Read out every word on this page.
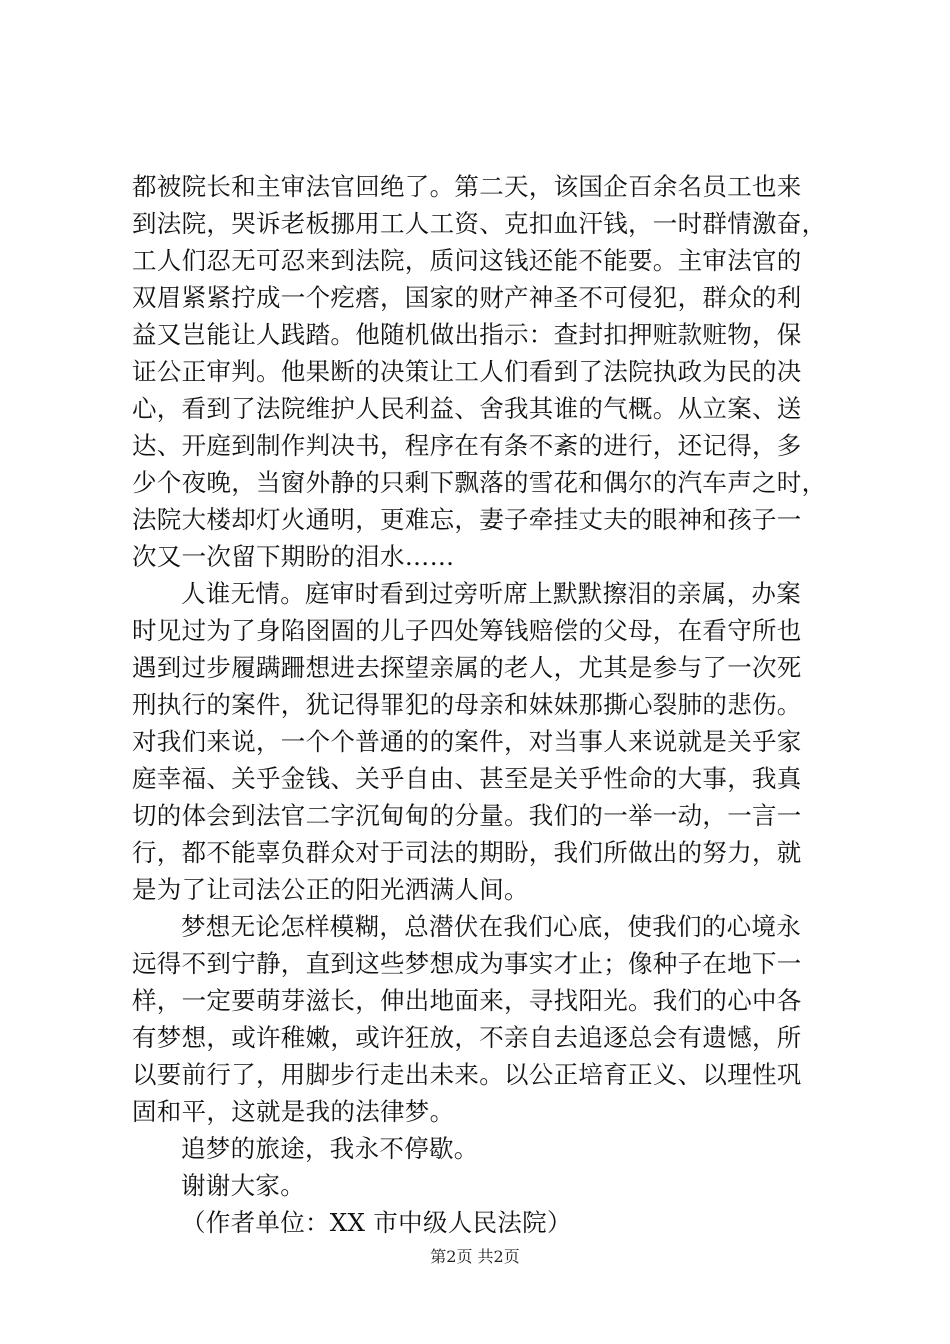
都被院长和主审法官回绝了。第二天，该国企百余名员工也来
到法院，哭诉老板挪用工人工资、克扣血汗钱，一时群情激奋，
工人们忍无可忍来到法院，质问这钱还能不能要。主审法官的
双眉紧紧拧成一个疙瘩，国家的财产神圣不可侵犯，群众的利
益又岂能让人践踏。他随机做出指示：查封扣押赃款赃物，保
证公正审判。他果断的决策让工人们看到了法院执政为民的决
心，看到了法院维护人民利益、舍我其谁的气概。从立案、送
达、开庭到制作判决书，程序在有条不紊的进行，还记得，多
少个夜晚，当窗外静的只剩下飘落的雪花和偶尔的汽车声之时，
法院大楼却灯火通明，更难忘，妻子牵挂丈夫的眼神和孩子一
次又一次留下期盼的泪水……
人谁无情。庭审时看到过旁听席上默默擦泪的亲属，办案
时见过为了身陷囹圄的儿子四处筹钱赔偿的父母，在看守所也
遇到过步履蹒跚想进去探望亲属的老人，尤其是参与了一次死
刑执行的案件，犹记得罪犯的母亲和妹妹那撕心裂肺的悲伤。
对我们来说，一个个普通的的案件，对当事人来说就是关乎家
庭幸福、关乎金钱、关乎自由、甚至是关乎性命的大事，我真
切的体会到法官二字沉甸甸的分量。我们的一举一动，一言一
行，都不能辜负群众对于司法的期盼，我们所做出的努力，就
是为了让司法公正的阳光洒满人间。
梦想无论怎样模糊，总潜伏在我们心底，使我们的心境永
远得不到宁静，直到这些梦想成为事实才止；像种子在地下一
样，一定要萌芽滋长，伸出地面来，寻找阳光。我们的心中各
有梦想，或许稚嫩，或许狂放，不亲自去追逐总会有遗憾，所
以要前行了，用脚步行走出未来。以公正培育正义、以理性巩
固和平，这就是我的法律梦。
追梦的旅途，我永不停歇。
谢谢大家。
（作者单位：XX 市中级人民法院）
第2页 共2页
